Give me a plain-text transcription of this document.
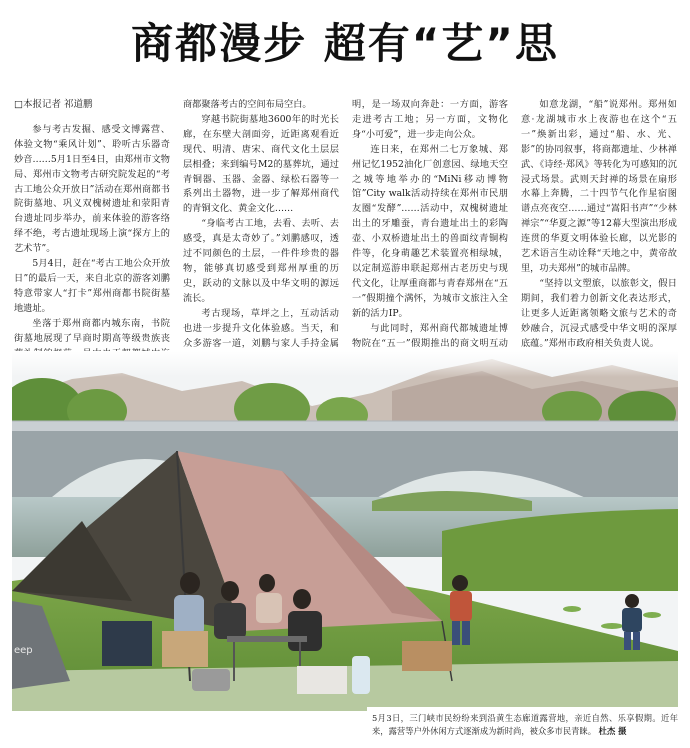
商都漫步 超有“艺”思

□本报记者 祁道鹏

参与考古发掘、感受文博露营、体验文物“乘风计划”、聆听古乐器奇妙音……5月1日至4日，由郑州市文物局、郑州市文物考古研究院发起的“考古工地公众开放日”活动在郑州商都书院街墓地、巩义双槐树遗址和荥阳青台遗址同步举办，前来体验的游客络绎不绝，考古遗址现场上演“探方上的艺术节”。

5月4日，赶在“考古工地公众开放日”的最后一天，来自北京的游客刘鹏特意带家人“打卡”郑州商都书院街墓地遗址。

坐落于郑州商都内城东南，书院街墓地展现了早商时期高等级贵族丧

商都聚落考古的空间布局空白。

穿越书院街墓地3600年的时光长廊，在东壁大剖面旁，近距离观看近现代、明清、唐宋、商代文化土层层层相叠；来到编号M2的墓葬坑，通过青铜器、玉器、金器、绿松石器等一系列出土器物，进一步了解郑州商代的青铜文化、黄金文化……

“身临考古工地，去看、去听、去感受，真是太奇妙了。”刘鹏感叹，透过不同颜色的土层，一件件珍贵的器物，能够真切感受到郑州厚重的历史，跃动的文脉以及中华文明的源远流长。

考古现场，草坪之上，互动活动也进一步提升文化体验感。当天，和众多游客一道，刘鹏与家人手持金属

明，是一场双向奔赴：一方面，游客走进考古工地；另一方面，文物化身“小可爱”，进一步走向公众。

连日来，在郑州二七万象城、郑州记忆1952油化厂创意园、绿地天空之城等地举办的“MiNi移动博物馆”City walk活动持续在郑州市民朋友圈“发酵”……活动中，双槐树遗址出土的牙雕蚕，青台遗址出土的彩陶壶、小双桥遗址出土的兽面纹青铜构件等，化身萌趣艺术装置亮相绿城，以定制巡游串联起郑州古老历史与现代文化，让厚重商都与青春郑州在“五一”假期撞个满怀，为城市文旅注入全新的活力IP。

与此同时，郑州商代都城遗址博物院在“五一”假期推出的商文明互动

如意龙湖，“船”说郑州。郑州如意·龙湖城市水上夜游也在这个“五一”焕新出彩，通过“船、水、光、影”的协同叙事，将商都遗址、少林禅武、《诗经·郑风》等转化为可感知的沉浸式场景。武则天封禅的场景在扇形水幕上奔腾，二十四节气化作星宿图谱点亮夜空……通过“嵩阳书声”“少林禅宗”“华夏之源”等12幕大型演出形成连贯的华夏文明体验长廊，以光影的艺术语言生动诠释“天地之中，黄帝故里，功夫郑州”的城市品牌。

“坚持以文塑旅，以旅彰文，假日期间，我们着力创新文化表达形式，让更多人近距离领略文旅与艺术的奇妙融合，沉浸式感受中华文明的深厚底蕴。”郑州市政府相关负责人说。

eep
5月3日，三门峡市民纷纷来到沿黄生态廊道露营地，亲近自然、乐享假期。近年来，露营等户外休闲方式逐渐成为新时尚，被众多市民青睐。 杜杰 摄
